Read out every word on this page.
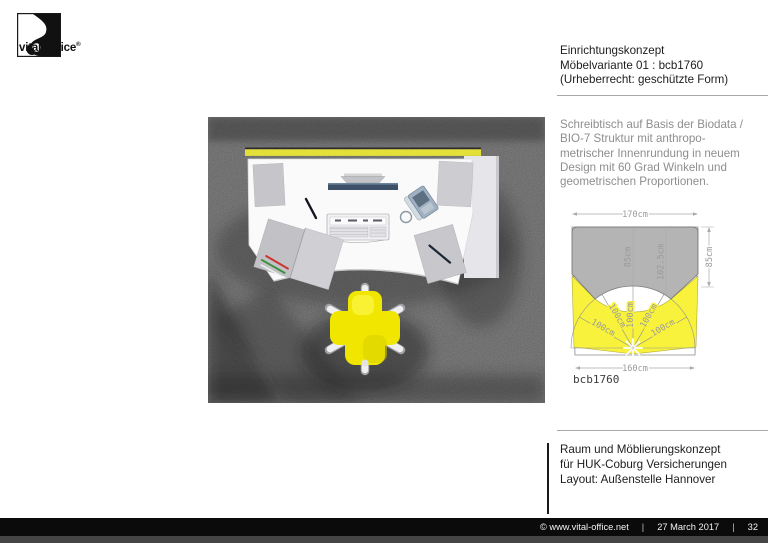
vital-Office®	Einrichtungskonzept
Möbelvariante 01 : bcb1760
(Urheberrecht: geschützte Form)
Schreibtisch auf Basis der Biodata /
BIO-7 Struktur mit anthropo-
metrischer Innenrundung in neuem
Design mit 60 Grad Winkeln und
geometrischen Proportionen.
100cm
100cm
100cm 100cm
100cm
170cm
160cm
85cm
85cm	102.5cm
bcb1760
Raum und Möblierungskonzept
für HUK-Coburg Versicherungen
Layout: Außenstelle Hannover
© www.vital-office.net | 27 March 2017 | 32
